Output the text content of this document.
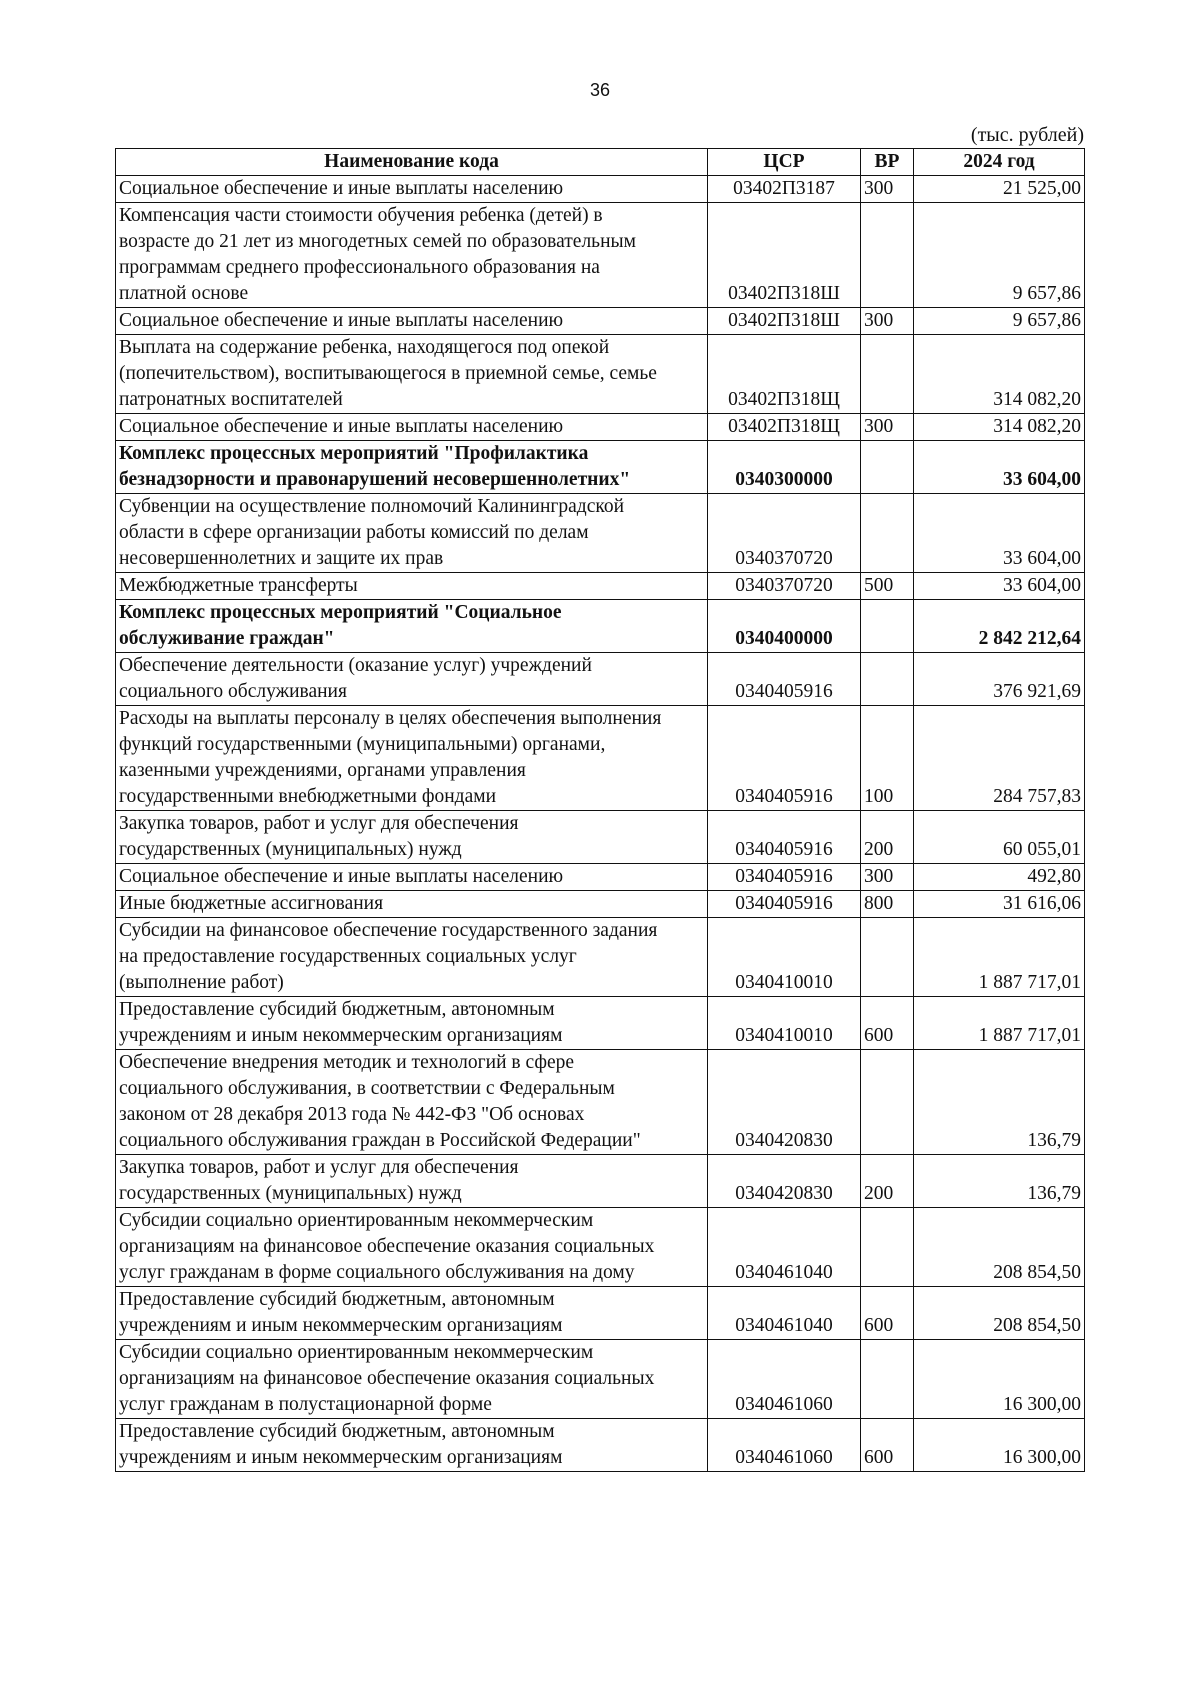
36
(тыс. рублей)
Наименование кода	ЦСР	ВР	2024 год
Социальное обеспечение и иные выплаты населению	03402П3187	300	21 525,00
Компенсация части стоимости обучения ребенка (детей) в
возрасте до 21 лет из многодетных семей по образовательным
программам среднего профессионального образования на
платной основе	03402П318Ш		9 657,86
Социальное обеспечение и иные выплаты населению	03402П318Ш	300	9 657,86
Выплата на содержание ребенка, находящегося под опекой
(попечительством), воспитывающегося в приемной семье, семье
патронатных воспитателей	03402П318Щ		314 082,20
Социальное обеспечение и иные выплаты населению	03402П318Щ	300	314 082,20
Комплекс процессных мероприятий "Профилактика
безнадзорности и правонарушений несовершеннолетних"	0340300000		33 604,00
Субвенции на осуществление полномочий Калининградской
области в сфере организации работы комиссий по делам
несовершеннолетних и защите их прав	0340370720		33 604,00
Межбюджетные трансферты	0340370720	500	33 604,00
Комплекс процессных мероприятий "Социальное
обслуживание граждан"	0340400000		2 842 212,64
Обеспечение деятельности (оказание услуг) учреждений
социального обслуживания	0340405916		376 921,69
Расходы на выплаты персоналу в целях обеспечения выполнения
функций государственными (муниципальными) органами,
казенными учреждениями, органами управления
государственными внебюджетными фондами	0340405916	100	284 757,83
Закупка товаров, работ и услуг для обеспечения
государственных (муниципальных) нужд	0340405916	200	60 055,01
Социальное обеспечение и иные выплаты населению	0340405916	300	492,80
Иные бюджетные ассигнования	0340405916	800	31 616,06
Субсидии на финансовое обеспечение государственного задания
на предоставление государственных социальных услуг
(выполнение работ)	0340410010		1 887 717,01
Предоставление субсидий бюджетным, автономным
учреждениям и иным некоммерческим организациям	0340410010	600	1 887 717,01
Обеспечение внедрения методик и технологий в сфере
социального обслуживания, в соответствии с Федеральным
законом от 28 декабря 2013 года № 442-ФЗ "Об основах
социального обслуживания граждан в Российской Федерации"	0340420830		136,79
Закупка товаров, работ и услуг для обеспечения
государственных (муниципальных) нужд	0340420830	200	136,79
Субсидии социально ориентированным некоммерческим
организациям на финансовое обеспечение оказания социальных
услуг гражданам в форме социального обслуживания на дому	0340461040		208 854,50
Предоставление субсидий бюджетным, автономным
учреждениям и иным некоммерческим организациям	0340461040	600	208 854,50
Субсидии социально ориентированным некоммерческим
организациям на финансовое обеспечение оказания социальных
услуг гражданам в полустационарной форме	0340461060		16 300,00
Предоставление субсидий бюджетным, автономным
учреждениям и иным некоммерческим организациям	0340461060	600	16 300,00
